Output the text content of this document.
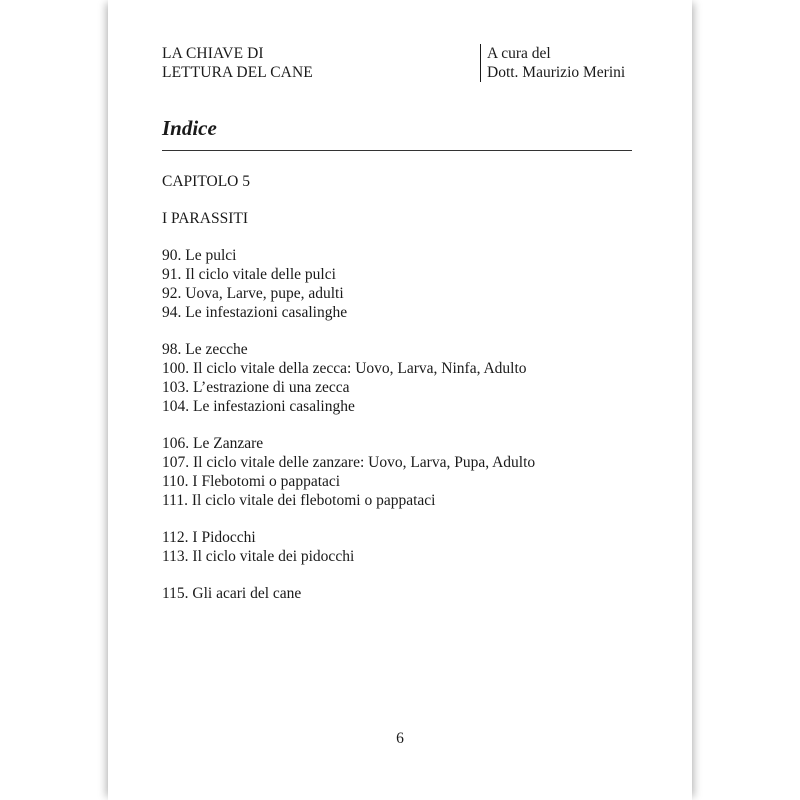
LA CHIAVE DI
LETTURA DEL CANE
A cura del
Dott. Maurizio Merini
Indice
CAPITOLO 5
I PARASSITI
90. Le pulci
91. Il ciclo vitale delle pulci
92. Uova, Larve, pupe, adulti
94. Le infestazioni casalinghe
98. Le zecche
100. Il ciclo vitale della zecca: Uovo, Larva, Ninfa, Adulto
103. L’estrazione di una zecca
104. Le infestazioni casalinghe
106. Le Zanzare
107. Il ciclo vitale delle zanzare: Uovo, Larva, Pupa, Adulto
110. I Flebotomi o pappataci
111. Il ciclo vitale dei flebotomi o pappataci
112. I Pidocchi
113. Il ciclo vitale dei pidocchi
115. Gli acari del cane
6
